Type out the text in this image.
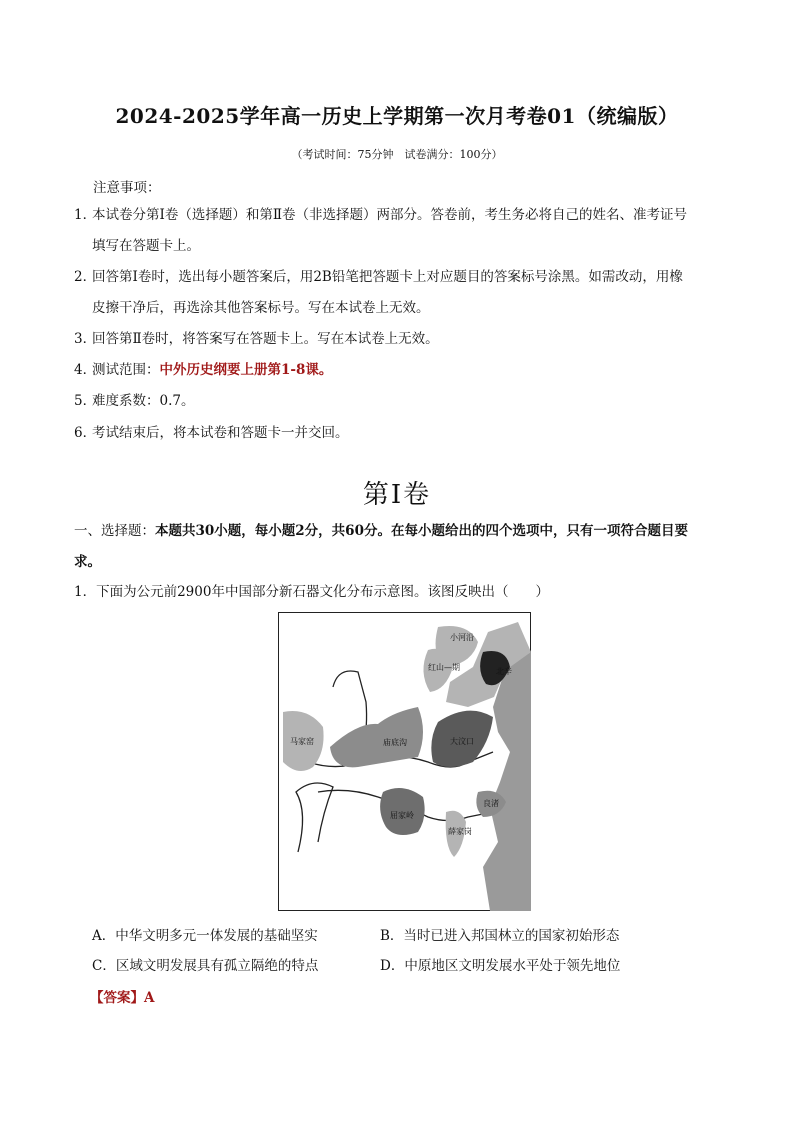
2024-2025学年高一历史上学期第一次月考卷01（统编版）
（考试时间：75分钟　试卷满分：100分）
注意事项：
1．本试卷分第Ⅰ卷（选择题）和第Ⅱ卷（非选择题）两部分。答卷前，考生务必将自己的姓名、准考证号
填写在答题卡上。
2．回答第Ⅰ卷时，选出每小题答案后，用2B铅笔把答题卡上对应题目的答案标号涂黑。如需改动，用橡
皮擦干净后，再选涂其他答案标号。写在本试卷上无效。
3．回答第Ⅱ卷时，将答案写在答题卡上。写在本试卷上无效。
4．测试范围：中外历史纲要上册第1-8课。
5．难度系数：0.7。
6．考试结束后，将本试卷和答题卡一并交回。
第Ⅰ卷
一、选择题：本题共30小题，每小题2分，共60分。在每小题给出的四个选项中，只有一项符合题目要
求。
1．下面为公元前2900年中国部分新石器文化分布示意图。该图反映出（　　）
小河沿
红山—期	北辛
马家窑	庙底沟	大汶口
屈家岭
薛家岗
良渚
A．中华文明多元一体发展的基础坚实	B．当时已进入邦国林立的国家初始形态
C．区域文明发展具有孤立隔绝的特点	D．中原地区文明发展水平处于领先地位
【答案】A
